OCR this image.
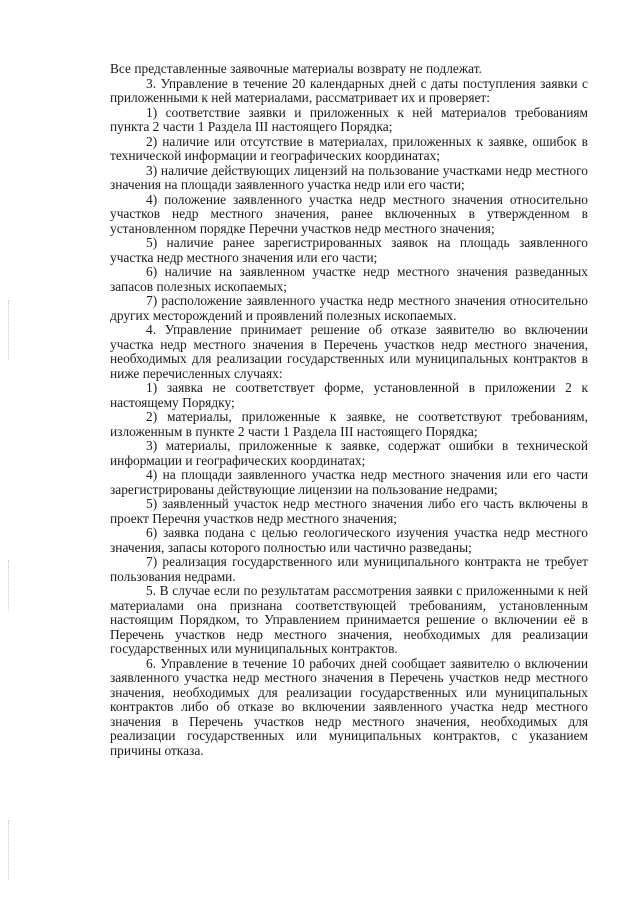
Все представленные заявочные материалы возврату не подлежат.

3. Управление в течение 20 календарных дней с даты поступления заявки с приложенными к ней материалами, рассматривает их и проверяет:

1) соответствие заявки и приложенных к ней материалов требованиям пункта 2 части 1 Раздела III настоящего Порядка;

2) наличие или отсутствие в материалах, приложенных к заявке, ошибок в технической информации и географических координатах;

3) наличие действующих лицензий на пользование участками недр местного значения на площади заявленного участка недр или его части;

4) положение заявленного участка недр местного значения относительно участков недр местного значения, ранее включенных в утвержденном в установленном порядке Перечни участков недр местного значения;

5) наличие ранее зарегистрированных заявок на площадь заявленного участка недр местного значения или его части;

6) наличие на заявленном участке недр местного значения разведанных запасов полезных ископаемых;

7) расположение заявленного участка недр местного значения относительно других месторождений и проявлений полезных ископаемых.

4. Управление принимает решение об отказе заявителю во включении участка недр местного значения в Перечень участков недр местного значения, необходимых для реализации государственных или муниципальных контрактов в ниже перечисленных случаях:

1) заявка не соответствует форме, установленной в приложении 2 к настоящему Порядку;

2) материалы, приложенные к заявке, не соответствуют требованиям, изложенным в пункте 2 части 1 Раздела III настоящего Порядка;

3) материалы, приложенные к заявке, содержат ошибки в технической информации и географических координатах;

4) на площади заявленного участка недр местного значения или его части зарегистрированы действующие лицензии на пользование недрами;

5) заявленный участок недр местного значения либо его часть включены в проект Перечня участков недр местного значения;

6) заявка подана с целью геологического изучения участка недр местного значения, запасы которого полностью или частично разведаны;

7) реализация государственного или муниципального контракта не требует пользования недрами.

5. В случае если по результатам рассмотрения заявки с приложенными к ней материалами она признана соответствующей требованиям, установленным настоящим Порядком, то Управлением принимается решение о включении её в Перечень участков недр местного значения, необходимых для реализации государственных или муниципальных контрактов.

6. Управление в течение 10 рабочих дней сообщает заявителю о включении заявленного участка недр местного значения в Перечень участков недр местного значения, необходимых для реализации государственных или муниципальных контрактов либо об отказе во включении заявленного участка недр местного значения в Перечень участков недр местного значения, необходимых для реализации государственных или муниципальных контрактов, с указанием причины отказа.
